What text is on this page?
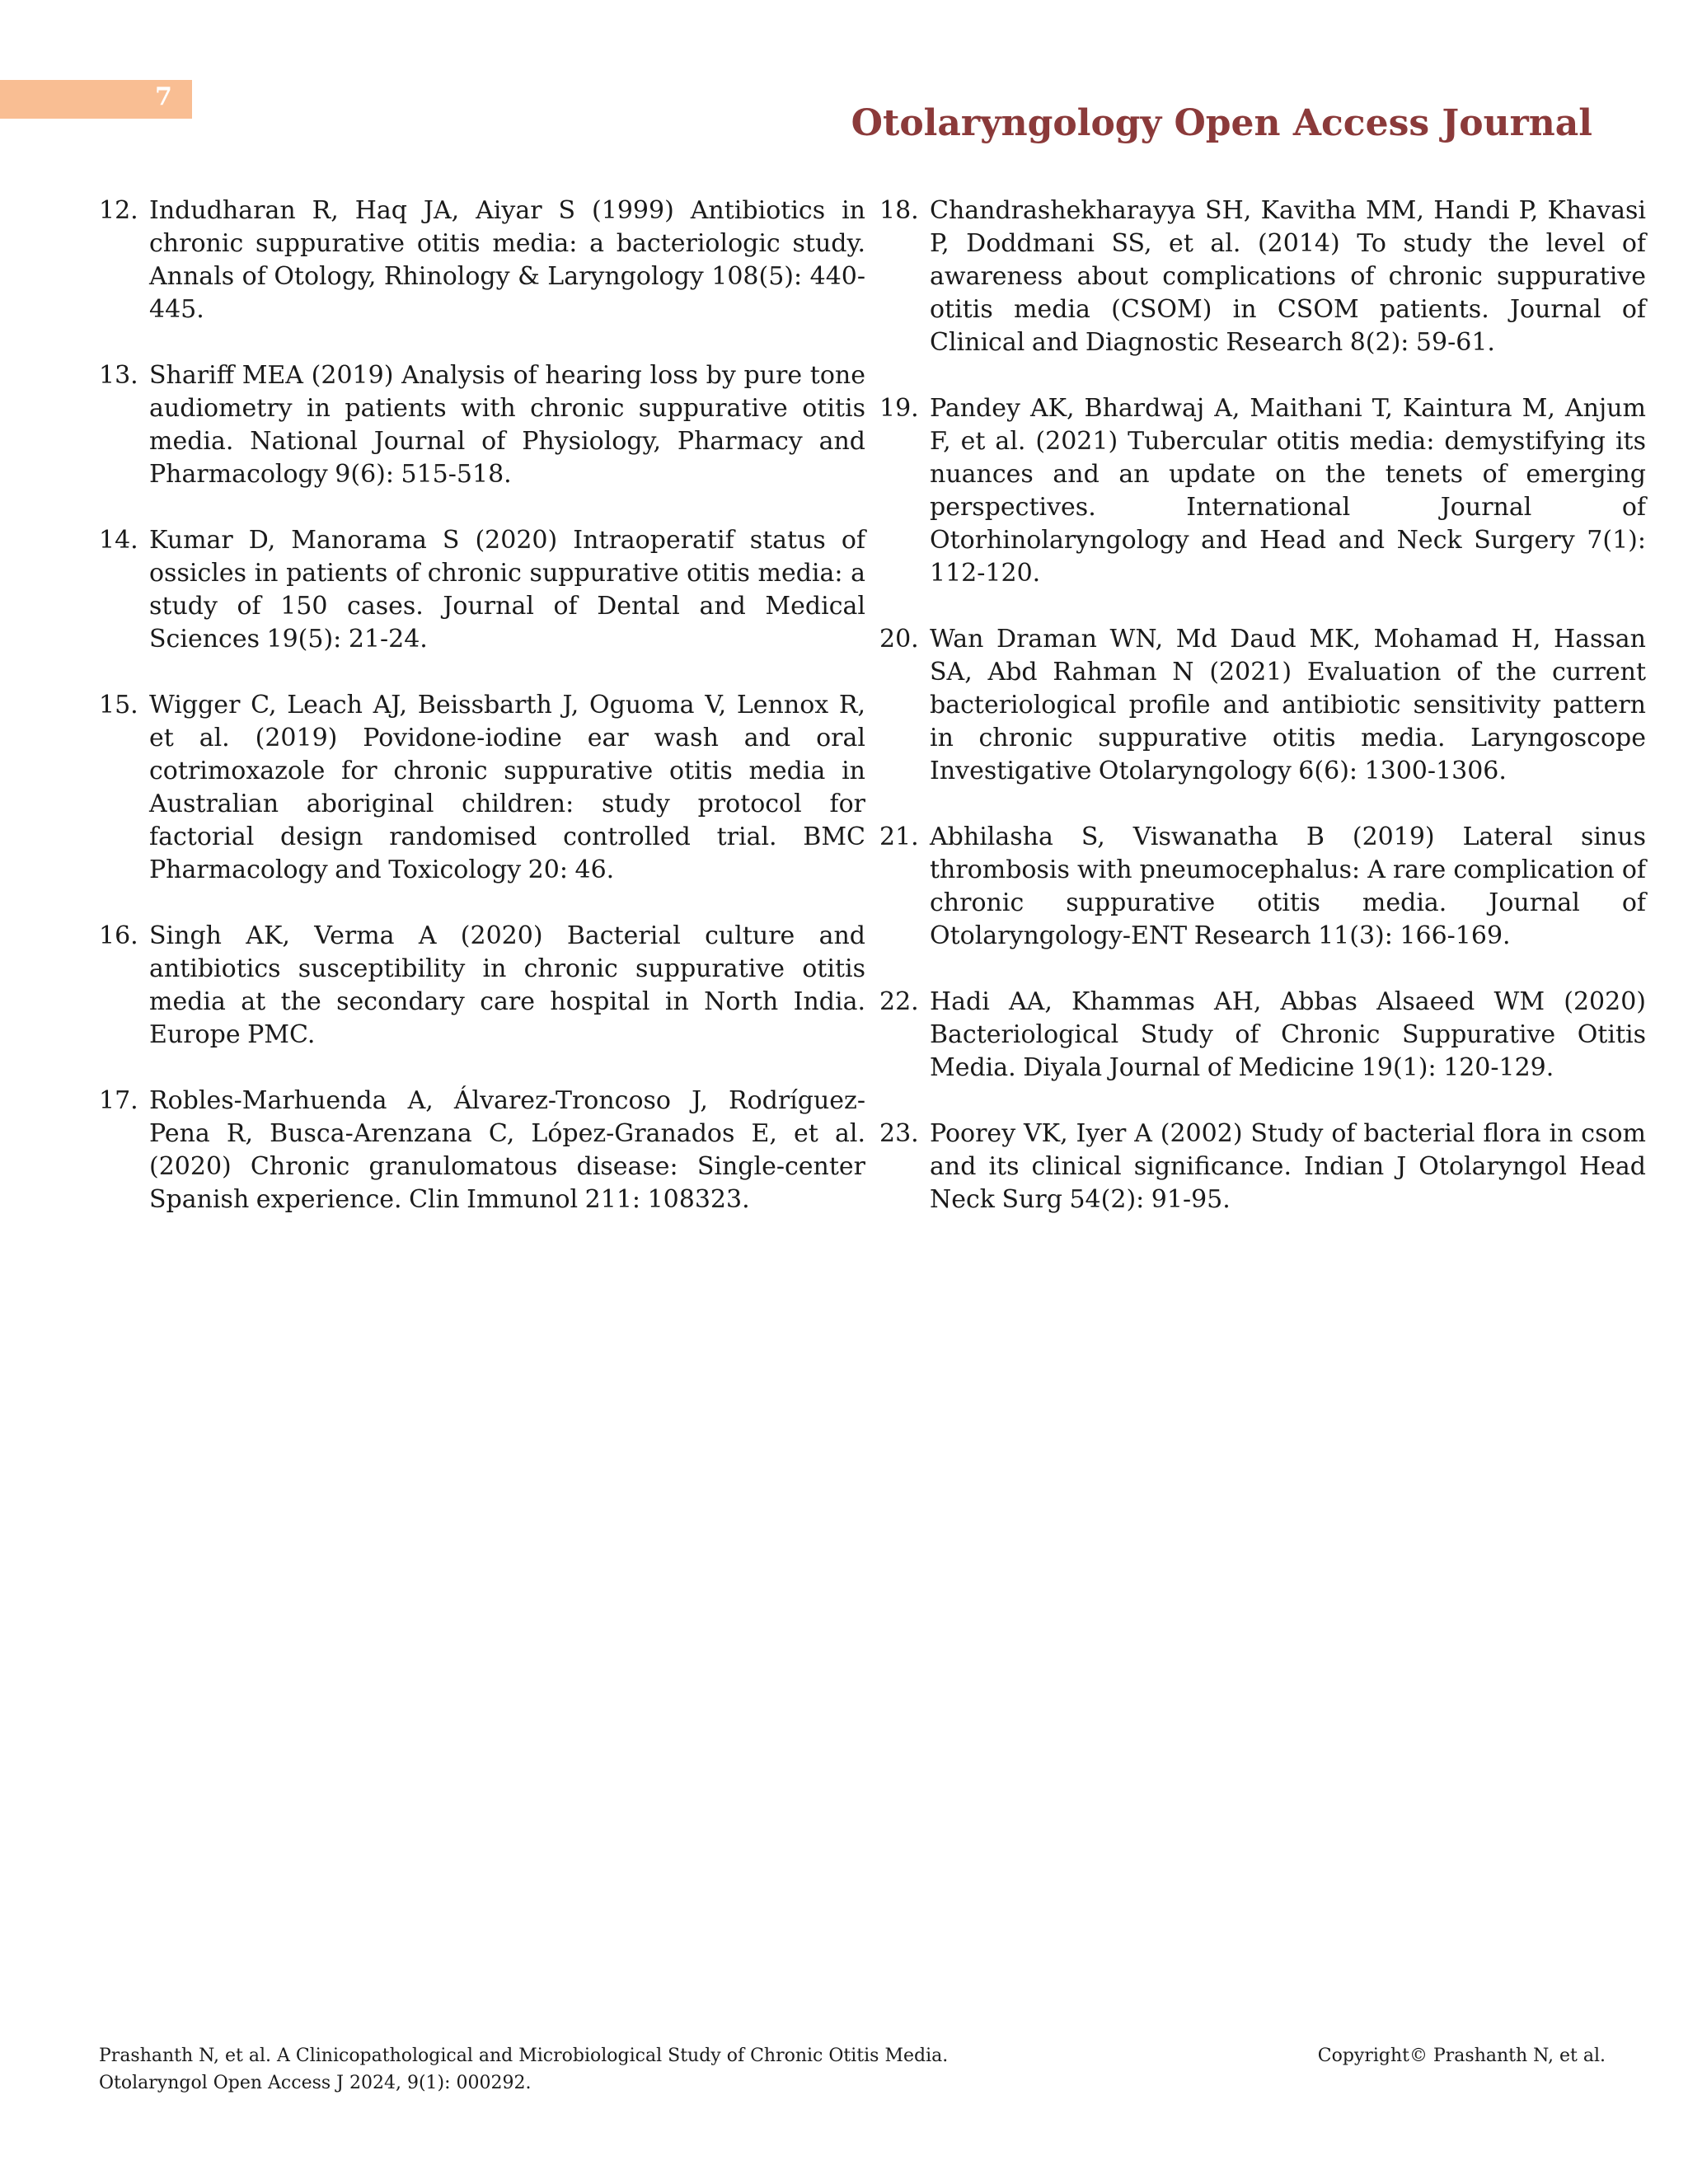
7
Otolaryngology Open Access Journal
12. Indudharan R, Haq JA, Aiyar S (1999) Antibiotics in chronic suppurative otitis media: a bacteriologic study. Annals of Otology, Rhinology & Laryngology 108(5): 440-445.
13. Shariff MEA (2019) Analysis of hearing loss by pure tone audiometry in patients with chronic suppurative otitis media. National Journal of Physiology, Pharmacy and Pharmacology 9(6): 515-518.
14. Kumar D, Manorama S (2020) Intraoperatif status of ossicles in patients of chronic suppurative otitis media: a study of 150 cases. Journal of Dental and Medical Sciences 19(5): 21-24.
15. Wigger C, Leach AJ, Beissbarth J, Oguoma V, Lennox R, et al. (2019) Povidone-iodine ear wash and oral cotrimoxazole for chronic suppurative otitis media in Australian aboriginal children: study protocol for factorial design randomised controlled trial. BMC Pharmacology and Toxicology 20: 46.
16. Singh AK, Verma A (2020) Bacterial culture and antibiotics susceptibility in chronic suppurative otitis media at the secondary care hospital in North India. Europe PMC.
17. Robles-Marhuenda A, Álvarez-Troncoso J, Rodríguez-Pena R, Busca-Arenzana C, López-Granados E, et al. (2020) Chronic granulomatous disease: Single-center Spanish experience. Clin Immunol 211: 108323.
18. Chandrashekharayya SH, Kavitha MM, Handi P, Khavasi P, Doddmani SS, et al. (2014) To study the level of awareness about complications of chronic suppurative otitis media (CSOM) in CSOM patients. Journal of Clinical and Diagnostic Research 8(2): 59-61.
19. Pandey AK, Bhardwaj A, Maithani T, Kaintura M, Anjum F, et al. (2021) Tubercular otitis media: demystifying its nuances and an update on the tenets of emerging perspectives. International Journal of Otorhinolaryngology and Head and Neck Surgery 7(1): 112-120.
20. Wan Draman WN, Md Daud MK, Mohamad H, Hassan SA, Abd Rahman N (2021) Evaluation of the current bacteriological profile and antibiotic sensitivity pattern in chronic suppurative otitis media. Laryngoscope Investigative Otolaryngology 6(6): 1300-1306.
21. Abhilasha S, Viswanatha B (2019) Lateral sinus thrombosis with pneumocephalus: A rare complication of chronic suppurative otitis media. Journal of Otolaryngology-ENT Research 11(3): 166-169.
22. Hadi AA, Khammas AH, Abbas Alsaeed WM (2020) Bacteriological Study of Chronic Suppurative Otitis Media. Diyala Journal of Medicine 19(1): 120-129.
23. Poorey VK, Iyer A (2002) Study of bacterial flora in csom and its clinical significance. Indian J Otolaryngol Head Neck Surg 54(2): 91-95.
Prashanth N, et al. A Clinicopathological and Microbiological Study of Chronic Otitis Media.
Otolaryngol Open Access J 2024, 9(1): 000292.
Copyright© Prashanth N, et al.
